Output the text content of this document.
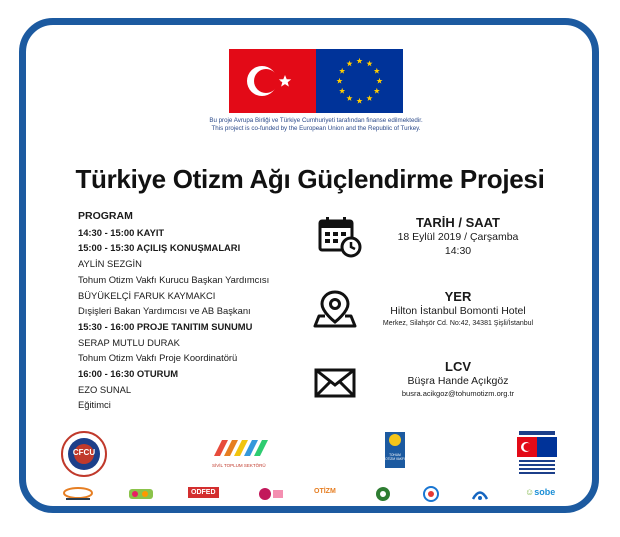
Bu proje Avrupa Birliği ve Türkiye Cumhuriyeti tarafından finanse edilmektedir.
This project is co-funded by the European Union and the Republic of Turkey.
Türkiye Otizm Ağı Güçlendirme Projesi
PROGRAM
14:30 - 15:00 KAYIT
15:00 - 15:30 AÇILIŞ KONUŞMALARI
AYLİN SEZGİN
Tohum Otizm Vakfı Kurucu Başkan Yardımcısı
BÜYÜKELÇİ FARUK KAYMAKCI
Dışişleri Bakan Yardımcısı ve AB Başkanı
15:30 - 16:00 PROJE TANITIM SUNUMU
SERAP MUTLU DURAK
Tohum Otizm Vakfı Proje Koordinatörü
16:00 - 16:30 OTURUM
EZO SUNAL
Eğitimci
TARİH / SAAT
18 Eylül 2019 / Çarşamba
14:30
YER
Hilton İstanbul Bomonti Hotel
Merkez, Silahşör Cd. No:42, 34381 Şişli/İstanbul
LCV
Büşra Hande Açıkgöz
busra.acikgoz@tohumotizm.org.tr
CFCU
SİVİL TOPLUM SEKTÖRÜ
TOHUM OTİZM VAKFI
ODFED	OTİZM	☺sobe
